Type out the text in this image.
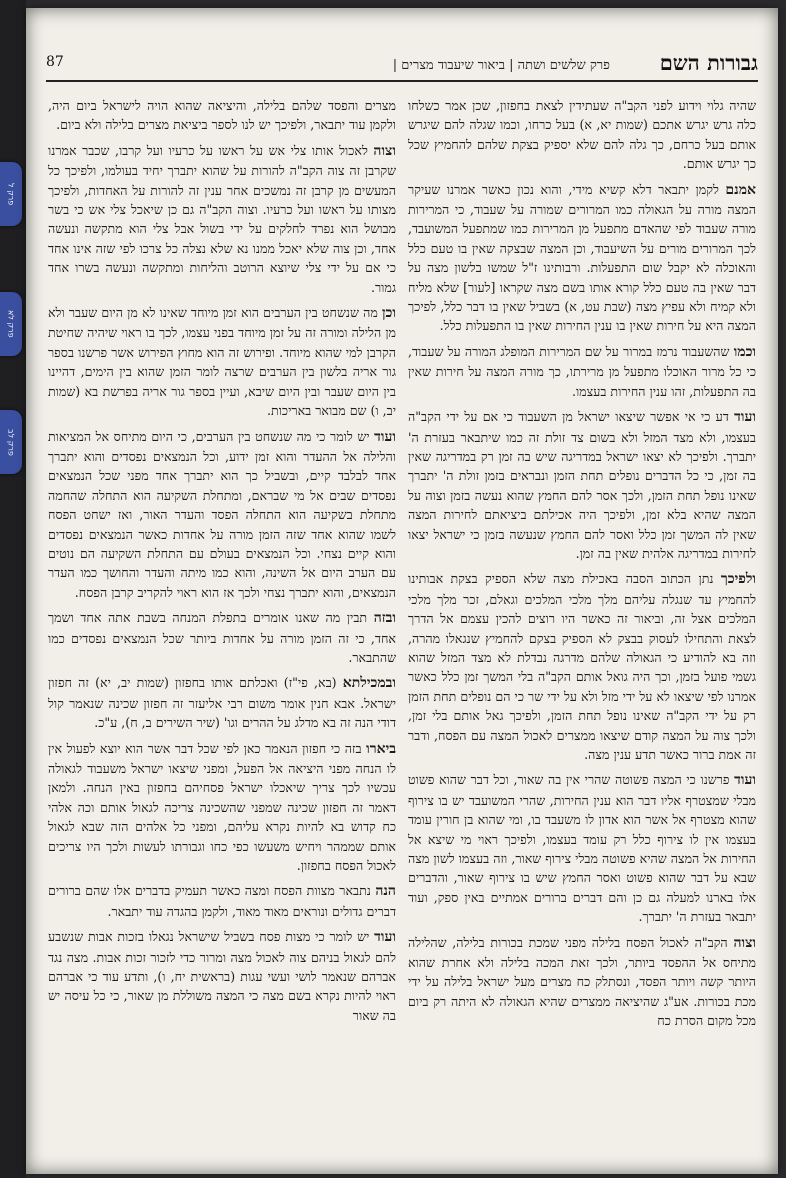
פרק ל
פרק לא
פרק לב
גבורות השם
פרק שלשים ושתה | ביאור שיעבוד מצרים |
87

שהיה גלוי וידוע לפני הקב"ה שעתידין לצאת בחפזון, שכן אמר כשלחו כלה גרש יגרש אתכם (שמות יא, א) בעל כרחו, וכמו שגלה להם שיגרש אותם בעל כרחם, כך גלה להם שלא יספיק בצקת שלהם להחמיץ שכל כך יגרש אותם.

אמנם לקמן יתבאר דלא קשיא מידי, והוא נכון כאשר אמרנו שעיקר המצה מורה על הגאולה כמו המרורים שמורה על שעבוד, כי המרירות מורה שעבוד לפי שהאדם מתפעל מן המרירות כמו שמתפעל המשועבד, לכך המרורים מורים על השיעבוד, וכן המצה שבצקה שאין בו טעם כלל והאוכלה לא יקבל שום התפעלות. ורבותינו ז"ל שמשו בלשון מצה על דבר שאין בה טעם כלל קורא אותו בשם מצה שקראו [לעור] שלא מליח ולא קמיח ולא עפיץ מצה (שבת עט, א) בשביל שאין בו דבר כלל, לפיכך המצה היא על חירות שאין בו ענין החירות שאין בו התפעלות כלל.

וכמו שהשעבוד נרמז במרור על שם המרירות המופלג המורה על שעבוד, כי כל מרור האוכלו מתפעל מן מרירתו, כך מורה המצה על חירות שאין בה התפעלות, זהו ענין החירות בעצמו.

ועוד דע כי אי אפשר שיצאו ישראל מן השעבוד כי אם על ידי הקב"ה בעצמו, ולא מצד המזל ולא בשום צד זולת זה כמו שיתבאר בעזרת ה' יתברך. ולפיכך לא יצאו ישראל במדריגה שיש בה זמן רק במדריגה שאין בה זמן, כי כל הדברים נופלים תחת הזמן ונבראים בזמן זולת ה' יתברך שאינו נופל תחת הזמן, ולכך אסר להם החמץ שהוא נעשה בזמן וצוה על המצה שהיא בלא זמן, ולפיכך היה אכילתם ביציאתם לחירות המצה שאין לה המשך זמן כלל ואסר להם החמץ שנעשה בזמן כי ישראל יצאו לחירות במדריגה אלהית שאין בה זמן.

ולפיכך נתן הכתוב הסבה באכילת מצה שלא הספיק בצקת אבותינו להחמיץ עד שנגלה עליהם מלך מלכי המלכים וגאלם, זכר מלך מלכי המלכים אצל זה, וביאור זה כאשר היו רוצים להכין עצמם אל הדרך לצאת והתחילו לעסוק בבצק לא הספיק בצקם להחמיץ שנגאלו מהרה, וזה בא להודיע כי הגאולה שלהם מדרגה נבדלת לא מצד המזל שהוא גשמי פועל בזמן, וכך היה גואל אותם הקב"ה בלי המשך זמן כלל כאשר אמרנו לפי שיצאו לא על ידי מזל ולא על ידי שר כי הם נופלים תחת הזמן רק על ידי הקב"ה שאינו נופל תחת הזמן, ולפיכך גאל אותם בלי זמן, ולכך צוה על המצה קודם שיצאו ממצרים לאכול המצה עם הפסח, ודבר זה אמת ברור כאשר תדע ענין מצה.

ועוד פרשנו כי המצה פשוטה שהרי אין בה שאור, וכל דבר שהוא פשוט מבלי שמצטרף אליו דבר הוא ענין החירות, שהרי המשועבד יש בו צירוף שהוא מצטרף אל אשר הוא אדון לו משעבד בו, ומי שהוא בן חורין עומד בעצמו אין לו צירוף כלל רק עומד בעצמו, ולפיכך ראוי מי שיצא אל החירות אל המצה שהיא פשוטה מבלי צירוף שאור, וזה בעצמו לשון מצה שבא על דבר שהוא פשוט ואסר החמץ שיש בו צירוף שאור, והדברים אלו בארנו למעלה גם כן והם דברים ברורים אמתיים באין ספק, ועוד יתבאר בעזרת ה' יתברך.

וצוה הקב"ה לאכול הפסח בלילה מפני שמכת בכורות בלילה, שהלילה מתיחס אל ההפסד ביותר, ולכך זאת המכה בלילה ולא אחרת שהוא היותר קשה ויותר הפסד, ונסתלק כח מצרים מעל ישראל בלילה על ידי מכת בכורות. אע"ג שהיציאה ממצרים שהיא הגאולה לא היתה רק ביום מכל מקום הסרת כח

מצרים והפסד שלהם בלילה, והיציאה שהוא הויה לישראל ביום היה, ולקמן עוד יתבאר, ולפיכך יש לנו לספר ביציאת מצרים בלילה ולא ביום.

וצוה לאכול אותו צלי אש על ראשו על כרעיו ועל קרבו, שכבר אמרנו שקרבן זה צוה הקב"ה להורות על שהוא יתברך יחיד בעולמו, ולפיכך כל המעשים מן קרבן זה נמשכים אחר ענין זה להורות על האחדות, ולפיכך מצותו על ראשו ועל כרעיו. וצוה הקב"ה גם כן שיאכל צלי אש כי בשר מבושל הוא נפרד לחלקים על ידי בשול אבל צלי הוא מתקשה ונעשה אחד, וכן צוה שלא יאכל ממנו נא שלא נצלה כל צרכו לפי שזה אינו אחד כי אם על ידי צלי שיוצא הרוטב והליחות ומתקשה ונעשה בשרו אחד גמור.

וכן מה שנשחט בין הערבים הוא זמן מיוחד שאינו לא מן היום שעבר ולא מן הלילה ומורה זה על זמן מיוחד בפני עצמו, לכך בו ראוי שיהיה שחיטת הקרבן למי שהוא מיוחד. ופירוש זה הוא מחוץ הפירוש אשר פרשנו בספר גור אריה בלשון בין הערבים שרצה לומר הזמן שהוא בין הימים, דהיינו בין היום שעבר ובין היום שיבא, ועיין בספר גור אריה בפרשת בא (שמות יב, ו) שם מבואר באריכות.

ועוד יש לומר כי מה שנשחט בין הערבים, כי היום מתיחס אל המציאות והלילה אל ההעדר והוא זמן ידוע, וכל הנמצאים נפסדים והוא יתברך אחד לבלבד קיים, ובשביל כך הוא יתברך אחד מפני שכל הנמצאים נפסדים שבים אל מי שבראם, ומתחלת השקיעה הוא התחלה שהחמה מתחלת בשקיעה הוא התחלה הפסד והעדר האור, ואז ישחט הפסח לשמו שהוא אחד שזה הזמן מורה על אחדות כאשר הנמצאים נפסדים והוא קיים נצחי. וכל הנמצאים בעולם עם התחלת השקיעה הם נוטים עם הערב היום אל השינה, והוא כמו מיתה והעדר והחושך כמו העדר הנמצאים, והוא יתברך נצחי ולכך אז הוא ראוי להקריב קרבן הפסח.

ובזה תבין מה שאנו אומרים בתפלת המנחה בשבת אתה אחד ושמך אחד, כי זה הזמן מורה על אחדות ביותר שכל הנמצאים נפסדים כמו שהתבאר.

ובמכילתא (בא, פי"ז) ואכלתם אותו בחפזון (שמות יב, יא) זה חפזון ישראל. אבא חנין אומר משום רבי אליעזר זה חפזון שכינה שנאמר קול דודי הנה זה בא מדלג על ההרים וגו' (שיר השירים ב, ח), ע"כ.

ביארו בזה כי חפזון הנאמר כאן לפי שכל דבר אשר הוא יוצא לפעול אין לו הנחה מפני היציאה אל הפעל, ומפני שיצאו ישראל משעבוד לגאולה עכשיו לכך צריך שיאכלו ישראל פסחיהם בחפזון באין הנחה. ולמאן דאמר זה חפזון שכינה שמפני שהשכינה צריכה לגאול אותם וכה אלהי כח קדוש בא להיות נקרא עליהם, ומפני כל אלהים הזה שבא לגאול אותם שממהר ויחיש משעשו כפי כחו וגבורתו לעשות ולכך היו צריכים לאכול הפסח בחפזון.

הנה נתבאר מצוות הפסח ומצה כאשר תעמיק בדברים אלו שהם ברורים דברים גדולים ונוראים מאוד מאוד, ולקמן בהגדה עוד יתבאר.

ועוד יש לומר כי מצות פסח בשביל שישראל נגאלו בזכות אבות שנשבע להם לגאול בניהם צוה לאכול מצה ומרור כדי לזכור זכות אבות. מצה נגד אברהם שנאמר לושי ועשי עגות (בראשית יח, ו), ותדע עוד כי אברהם ראוי להיות נקרא בשם מצה כי המצה משוללת מן שאור, כי כל עיסה יש בה שאור
